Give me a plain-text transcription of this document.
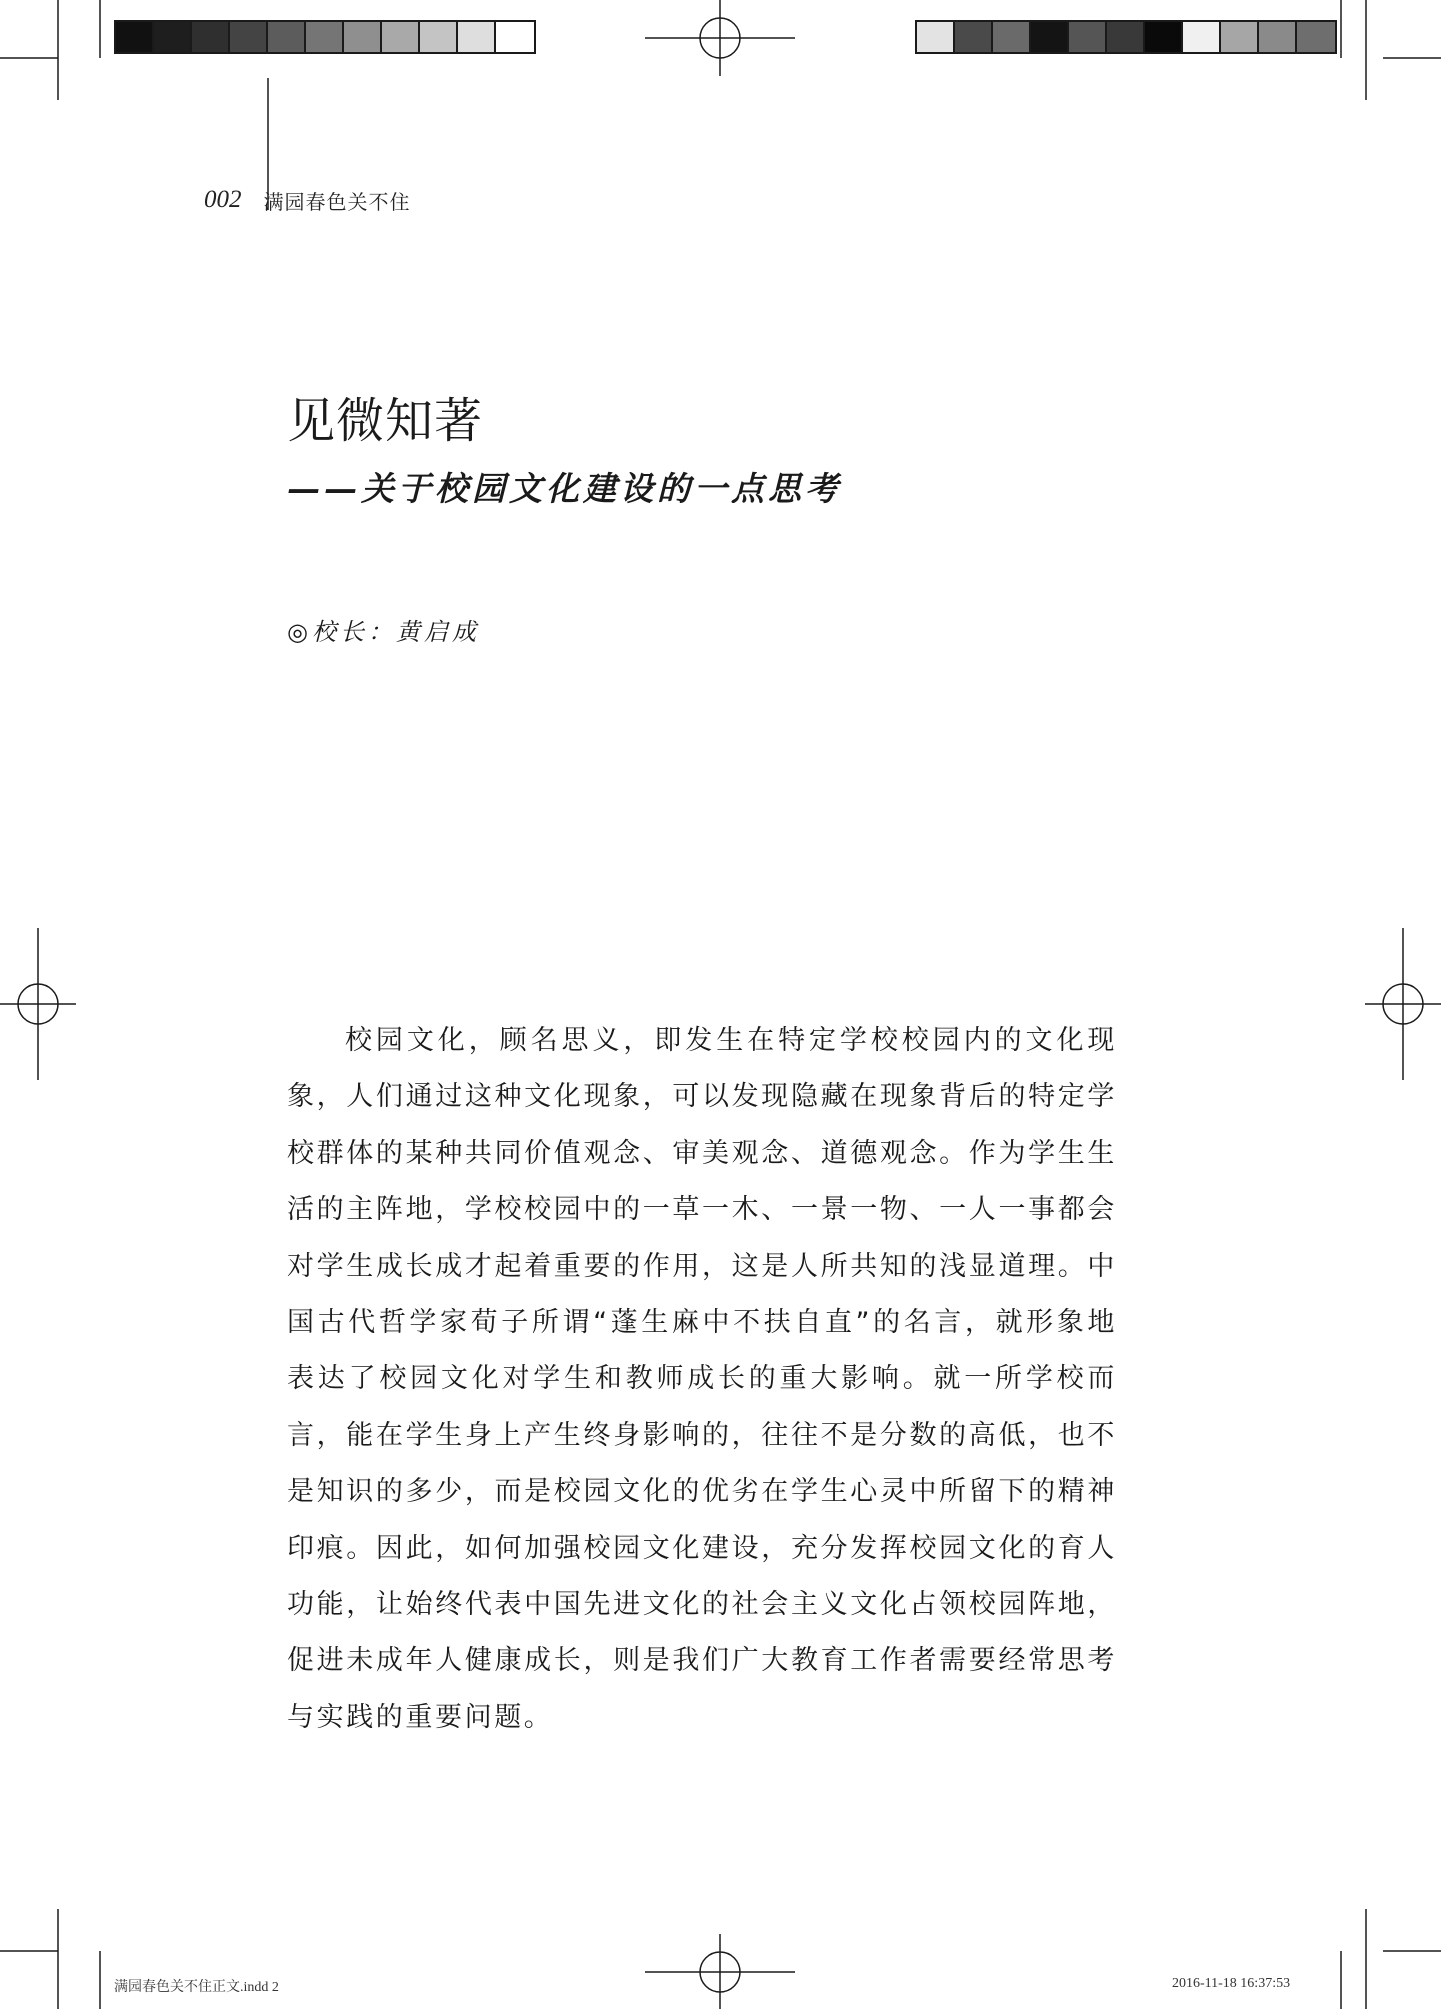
002 满园春色关不住
见微知著
——关于校园文化建设的一点思考
◎校长：黄启成

校园文化，顾名思义，即发生在特定学校校园内的文化现象，人们通过这种文化现象，可以发现隐藏在现象背后的特定学校群体的某种共同价值观念、审美观念、道德观念。作为学生生活的主阵地，学校校园中的一草一木、一景一物、一人一事都会对学生成长成才起着重要的作用，这是人所共知的浅显道理。中国古代哲学家荀子所谓“蓬生麻中不扶自直”的名言，就形象地表达了校园文化对学生和教师成长的重大影响。就一所学校而言，能在学生身上产生终身影响的，往往不是分数的高低，也不是知识的多少，而是校园文化的优劣在学生心灵中所留下的精神印痕。因此，如何加强校园文化建设，充分发挥校园文化的育人功能，让始终代表中国先进文化的社会主义文化占领校园阵地，促进未成年人健康成长，则是我们广大教育工作者需要经常思考与实践的重要问题。

满园春色关不住正文.indd 2	2016-11-18 16:37:53
